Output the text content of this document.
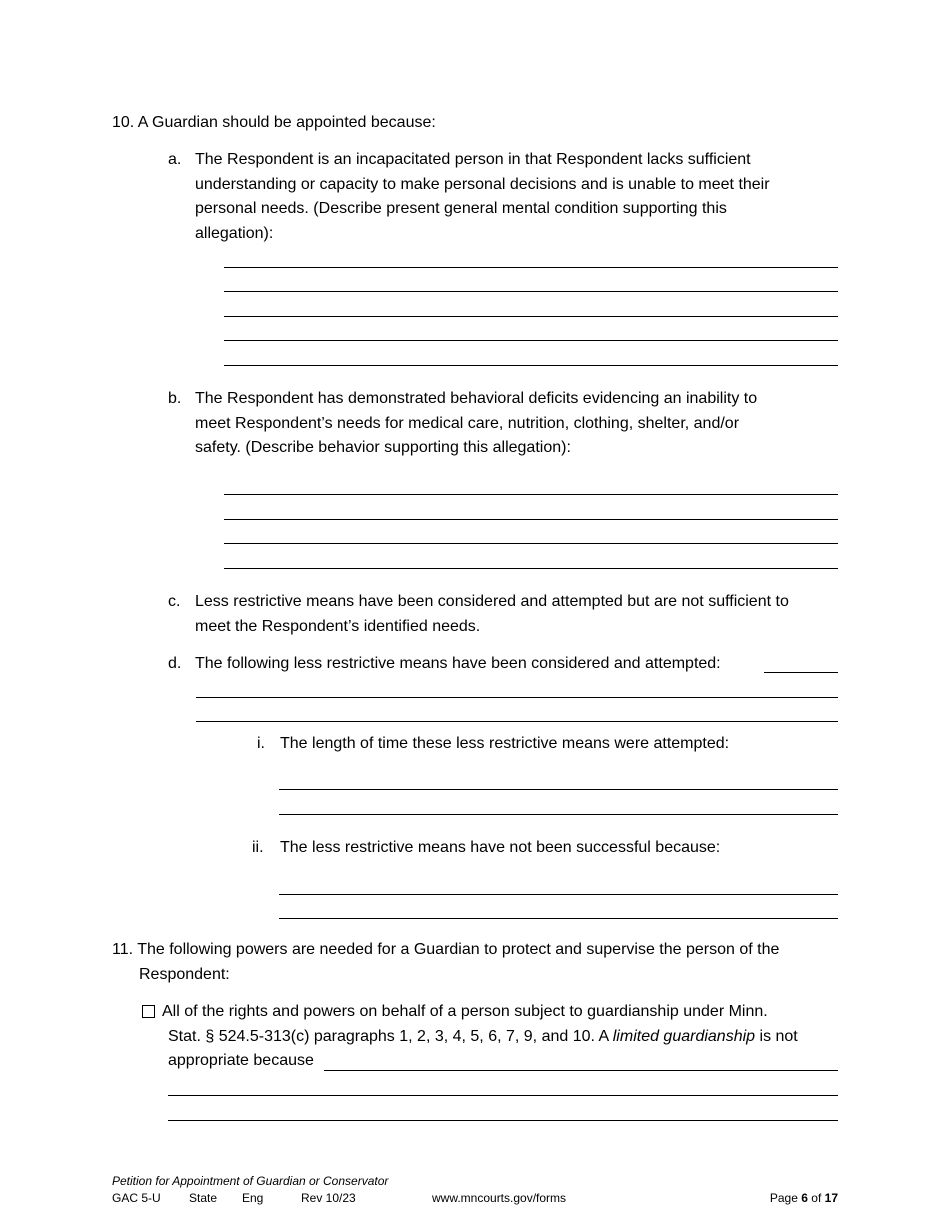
10. A Guardian should be appointed because:
a. The Respondent is an incapacitated person in that Respondent lacks sufficient
understanding or capacity to make personal decisions and is unable to meet their
personal needs. (Describe present general mental condition supporting this
allegation):
b. The Respondent has demonstrated behavioral deficits evidencing an inability to
meet Respondent’s needs for medical care, nutrition, clothing, shelter, and/or
safety. (Describe behavior supporting this allegation):
c. Less restrictive means have been considered and attempted but are not sufficient to
meet the Respondent’s identified needs.
d. The following less restrictive means have been considered and attempted:
i. The length of time these less restrictive means were attempted:
ii. The less restrictive means have not been successful because:
11. The following powers are needed for a Guardian to protect and supervise the person of the
Respondent:
All of the rights and powers on behalf of a person subject to guardianship under Minn.
Stat. § 524.5-313(c) paragraphs 1, 2, 3, 4, 5, 6, 7, 9, and 10. A limited guardianship is not
appropriate because
Petition for Appointment of Guardian or Conservator
GAC 5-U State Eng	Rev 10/23	www.mncourts.gov/forms	Page 6 of 17
